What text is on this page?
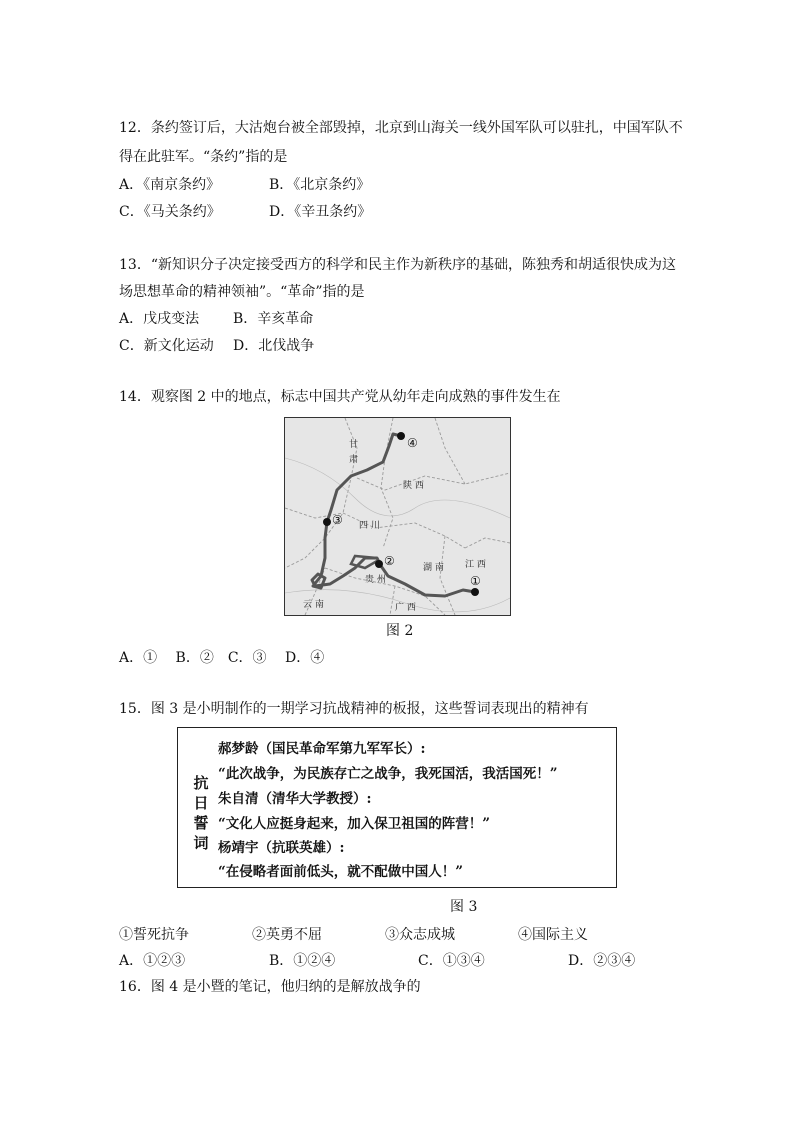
12．条约签订后，大沽炮台被全部毁掉，北京到山海关一线外国军队可以驻扎，中国军队不
得在此驻军。“条约”指的是
A．《南京条约》	B．《北京条约》
C．《马关条约》	D．《辛丑条约》
13．“新知识分子决定接受西方的科学和民主作为新秩序的基础，陈独秀和胡适很快成为这
场思想革命的精神领袖”。“革命”指的是
A．戊戌变法 B．辛亥革命
C．新文化运动 D．北伐战争
14．观察图 2 中的地点，标志中国共产党从幼年走向成熟的事件发生在
甘
肃
陕 西
四 川
湖 南 江 西
贵 州
云 南	广 西
①
②
③
④
图 2
A．①　 B．②　C．③　 D．④
15．图 3 是小明制作的一期学习抗战精神的板报，这些誓词表现出的精神有
抗
日
誓
词
郝梦龄（国民革命军第九军军长）:
“此次战争，为民族存亡之战争，我死国活，我活国死！”
朱自清（清华大学教授）:
“文化人应挺身起来，加入保卫祖国的阵营！”
杨靖宇（抗联英雄）:
“在侵略者面前低头，就不配做中国人！”
图 3
①誓死抗争	②英勇不屈	③众志成城	④国际主义
A．①②③	B．①②④	C．①③④	D．②③④
16．图 4 是小暨的笔记，他归纳的是解放战争的
